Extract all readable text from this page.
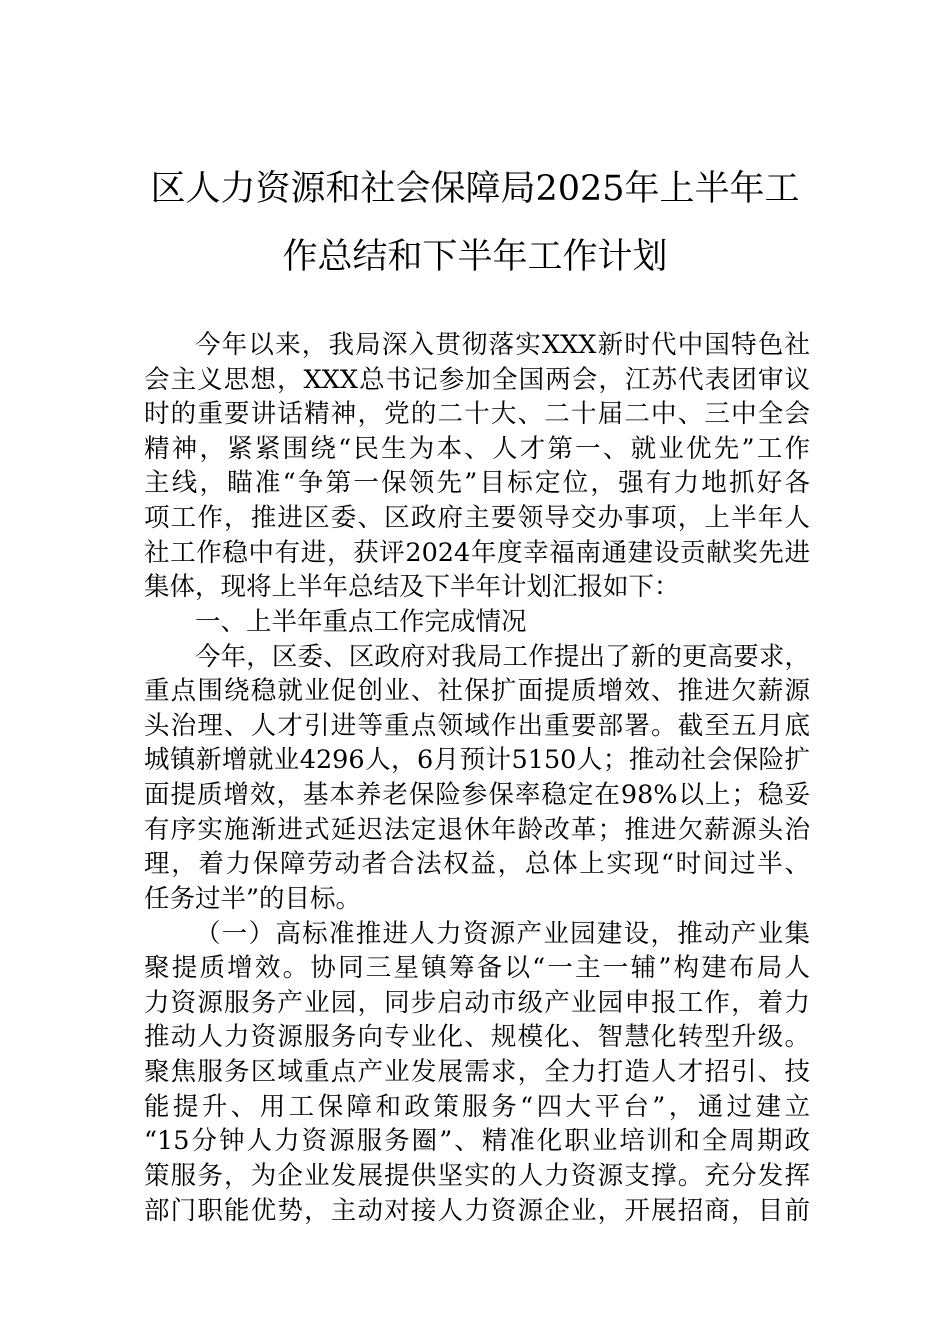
区人力资源和社会保障局2025年上半年工
作总结和下半年工作计划
今年以来，我局深入贯彻落实XXX新时代中国特色社
会主义思想，XXX总书记参加全国两会，江苏代表团审议
时的重要讲话精神，党的二十大、二十届二中、三中全会
精神，紧紧围绕“民生为本、人才第一、就业优先”工作
主线，瞄准“争第一保领先”目标定位，强有力地抓好各
项工作，推进区委、区政府主要领导交办事项，上半年人
社工作稳中有进，获评2024年度幸福南通建设贡献奖先进
集体，现将上半年总结及下半年计划汇报如下：
一、上半年重点工作完成情况
今年，区委、区政府对我局工作提出了新的更高要求，
重点围绕稳就业促创业、社保扩面提质增效、推进欠薪源
头治理、人才引进等重点领域作出重要部署。截至五月底
城镇新增就业4296人，6月预计5150人；推动社会保险扩
面提质增效，基本养老保险参保率稳定在98%以上；稳妥
有序实施渐进式延迟法定退休年龄改革；推进欠薪源头治
理，着力保障劳动者合法权益，总体上实现“时间过半、
任务过半”的目标。
（一）高标准推进人力资源产业园建设，推动产业集
聚提质增效。协同三星镇筹备以“一主一辅”构建布局人
力资源服务产业园，同步启动市级产业园申报工作，着力
推动人力资源服务向专业化、规模化、智慧化转型升级。
聚焦服务区域重点产业发展需求，全力打造人才招引、技
能提升、用工保障和政策服务“四大平台”，通过建立
“15分钟人力资源服务圈”、精准化职业培训和全周期政
策服务，为企业发展提供坚实的人力资源支撑。充分发挥
部门职能优势，主动对接人力资源企业，开展招商，目前
